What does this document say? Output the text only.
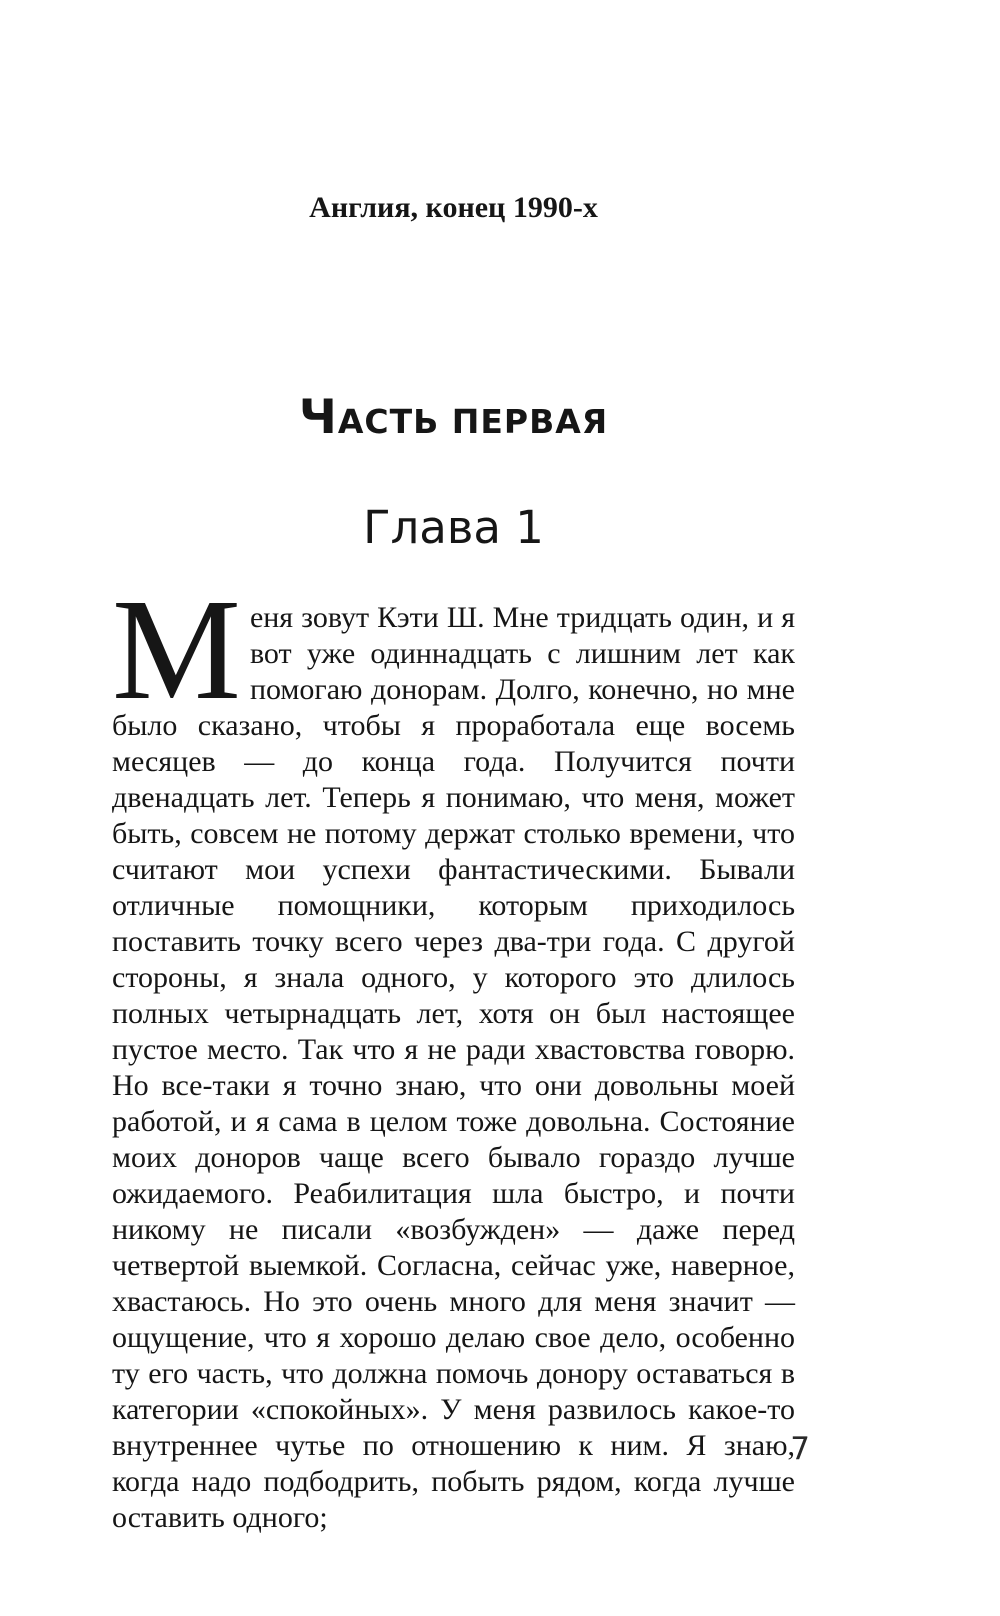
Англия, конец 1990-х
ЧАСТЬ ПЕРВАЯ
Глава 1

Меня зовут Кэти Ш. Мне тридцать один, и я вот уже одиннадцать с лишним лет как помогаю донорам. Долго, конечно, но мне было сказано, чтобы я проработала еще восемь месяцев — до конца года. Получится почти двенадцать лет. Теперь я понимаю, что меня, может быть, совсем не потому держат столько времени, что считают мои успехи фантастическими. Бывали отличные помощники, которым приходилось поставить точку всего через два-три года. С другой стороны, я знала одного, у которого это длилось полных четырнадцать лет, хотя он был настоящее пустое место. Так что я не ради хвастовства говорю. Но все-таки я точно знаю, что они довольны моей работой, и я сама в целом тоже довольна. Состояние моих доноров чаще всего бывало гораздо лучше ожидаемого. Реабилитация шла быстро, и почти никому не писали «возбужден» — даже перед четвертой выемкой. Согласна, сейчас уже, наверное, хвастаюсь. Но это очень много для меня значит — ощущение, что я хорошо делаю свое дело, особенно ту его часть, что должна помочь донору оставаться в категории «спокойных». У меня развилось какое-то внутреннее чутье по отношению к ним. Я знаю, когда надо подбодрить, побыть рядом, когда лучше оставить одного;

7
